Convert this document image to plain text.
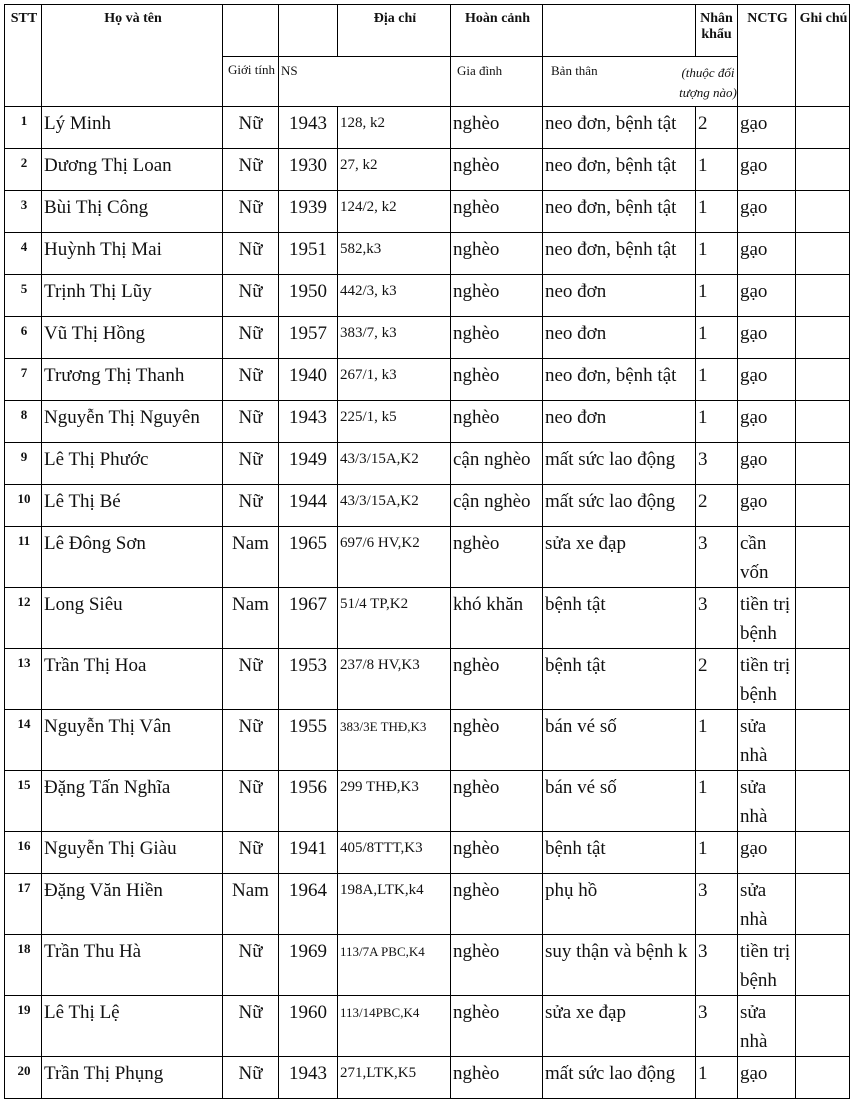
STT	Họ và tên			Địa chỉ	Hoàn cảnh		Nhân khẩu	NCTG	Ghi chú	
		Giới tính	NS		Gia đình	Bản thân (thuộc đối tượng nào)				

1	Lý Minh	Nữ	1943	128, k2	nghèo	neo đơn, bệnh tật	2	gạo		
2	Dương Thị Loan	Nữ	1930	27, k2	nghèo	neo đơn, bệnh tật	1	gạo		
3	Bùi Thị Công	Nữ	1939	124/2, k2	nghèo	neo đơn, bệnh tật	1	gạo		
4	Huỳnh Thị Mai	Nữ	1951	582,k3	nghèo	neo đơn, bệnh tật	1	gạo		
5	Trịnh Thị Lũy	Nữ	1950	442/3, k3	nghèo	neo đơn	1	gạo		
6	Vũ Thị Hồng	Nữ	1957	383/7, k3	nghèo	neo đơn	1	gạo		
7	Trương Thị Thanh	Nữ	1940	267/1, k3	nghèo	neo đơn, bệnh tật	1	gạo		
8	Nguyễn Thị Nguyên	Nữ	1943	225/1, k5	nghèo	neo đơn	1	gạo		
9	Lê Thị Phước	Nữ	1949	43/3/15A,K2	cận nghèo	mất sức lao động	3	gạo		
10	Lê Thị Bé	Nữ	1944	43/3/15A,K2	cận nghèo	mất sức lao động	2	gạo		
11	Lê Đông Sơn	Nam	1965	697/6 HV,K2	nghèo	sửa xe đạp	3	cần vốn		
12	Long Siêu	Nam	1967	51/4 TP,K2	khó khăn	bệnh tật	3	tiền trị bệnh		
13	Trần Thị Hoa	Nữ	1953	237/8 HV,K3	nghèo	bệnh tật	2	tiền trị bệnh		
14	Nguyễn Thị Vân	Nữ	1955	383/3E THĐ,K3	nghèo	bán vé số	1	sửa nhà		
15	Đặng Tấn Nghĩa	Nữ	1956	299 THĐ,K3	nghèo	bán vé số	1	sửa nhà		
16	Nguyễn Thị Giàu	Nữ	1941	405/8TTT,K3	nghèo	bệnh tật	1	gạo		
17	Đặng Văn Hiền	Nam	1964	198A,LTK,k4	nghèo	phụ hồ	3	sửa nhà		
18	Trần Thu Hà	Nữ	1969	113/7A PBC,K4	nghèo	suy thận và bệnh k	3	tiền trị bệnh		
19	Lê Thị Lệ	Nữ	1960	113/14PBC,K4	nghèo	sửa xe đạp	3	sửa nhà		
20	Trần Thị Phụng	Nữ	1943	271,LTK,K5	nghèo	mất sức lao động	1	gạo		
